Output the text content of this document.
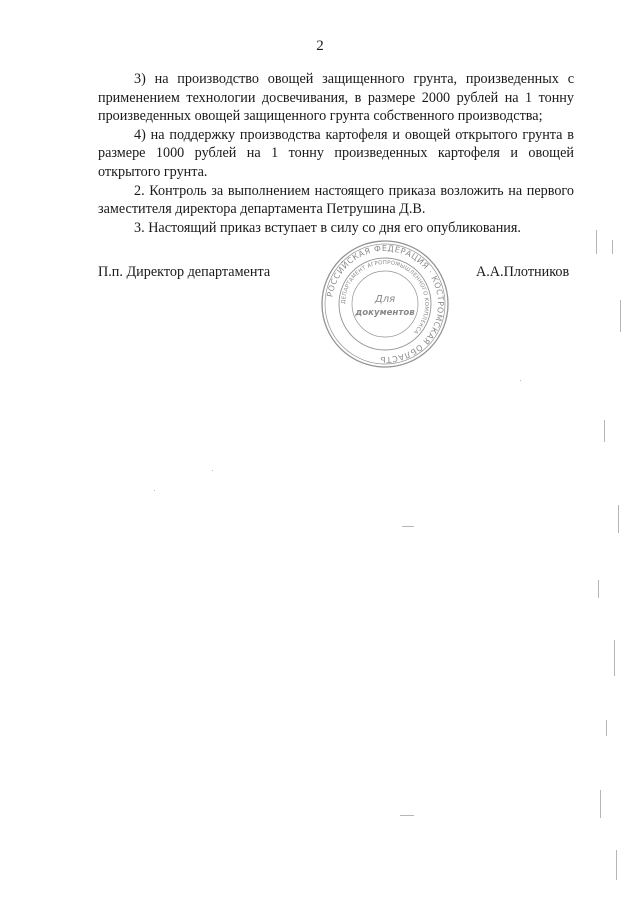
2

3) на производство овощей защищенного грунта, произведенных с применением технологии досвечивания, в размере 2000 рублей на 1 тонну произведенных овощей защищенного грунта собственного производства;

4) на поддержку производства картофеля и овощей открытого грунта в размере 1000 рублей на 1 тонну произведенных картофеля и овощей открытого грунта.

2. Контроль за выполнением настоящего приказа возложить на первого заместителя директора департамента Петрушина Д.В.

3. Настоящий приказ вступает в силу со дня его опубликования.

П.п. Директор департамента
РОССИЙСКАЯ ФЕДЕРАЦИЯ · КОСТРОМСКАЯ ОБЛАСТЬ
ДЕПАРТАМЕНТ АГРОПРОМЫШЛЕННОГО КОМПЛЕКСА
Для
документов
А.А.Плотников
